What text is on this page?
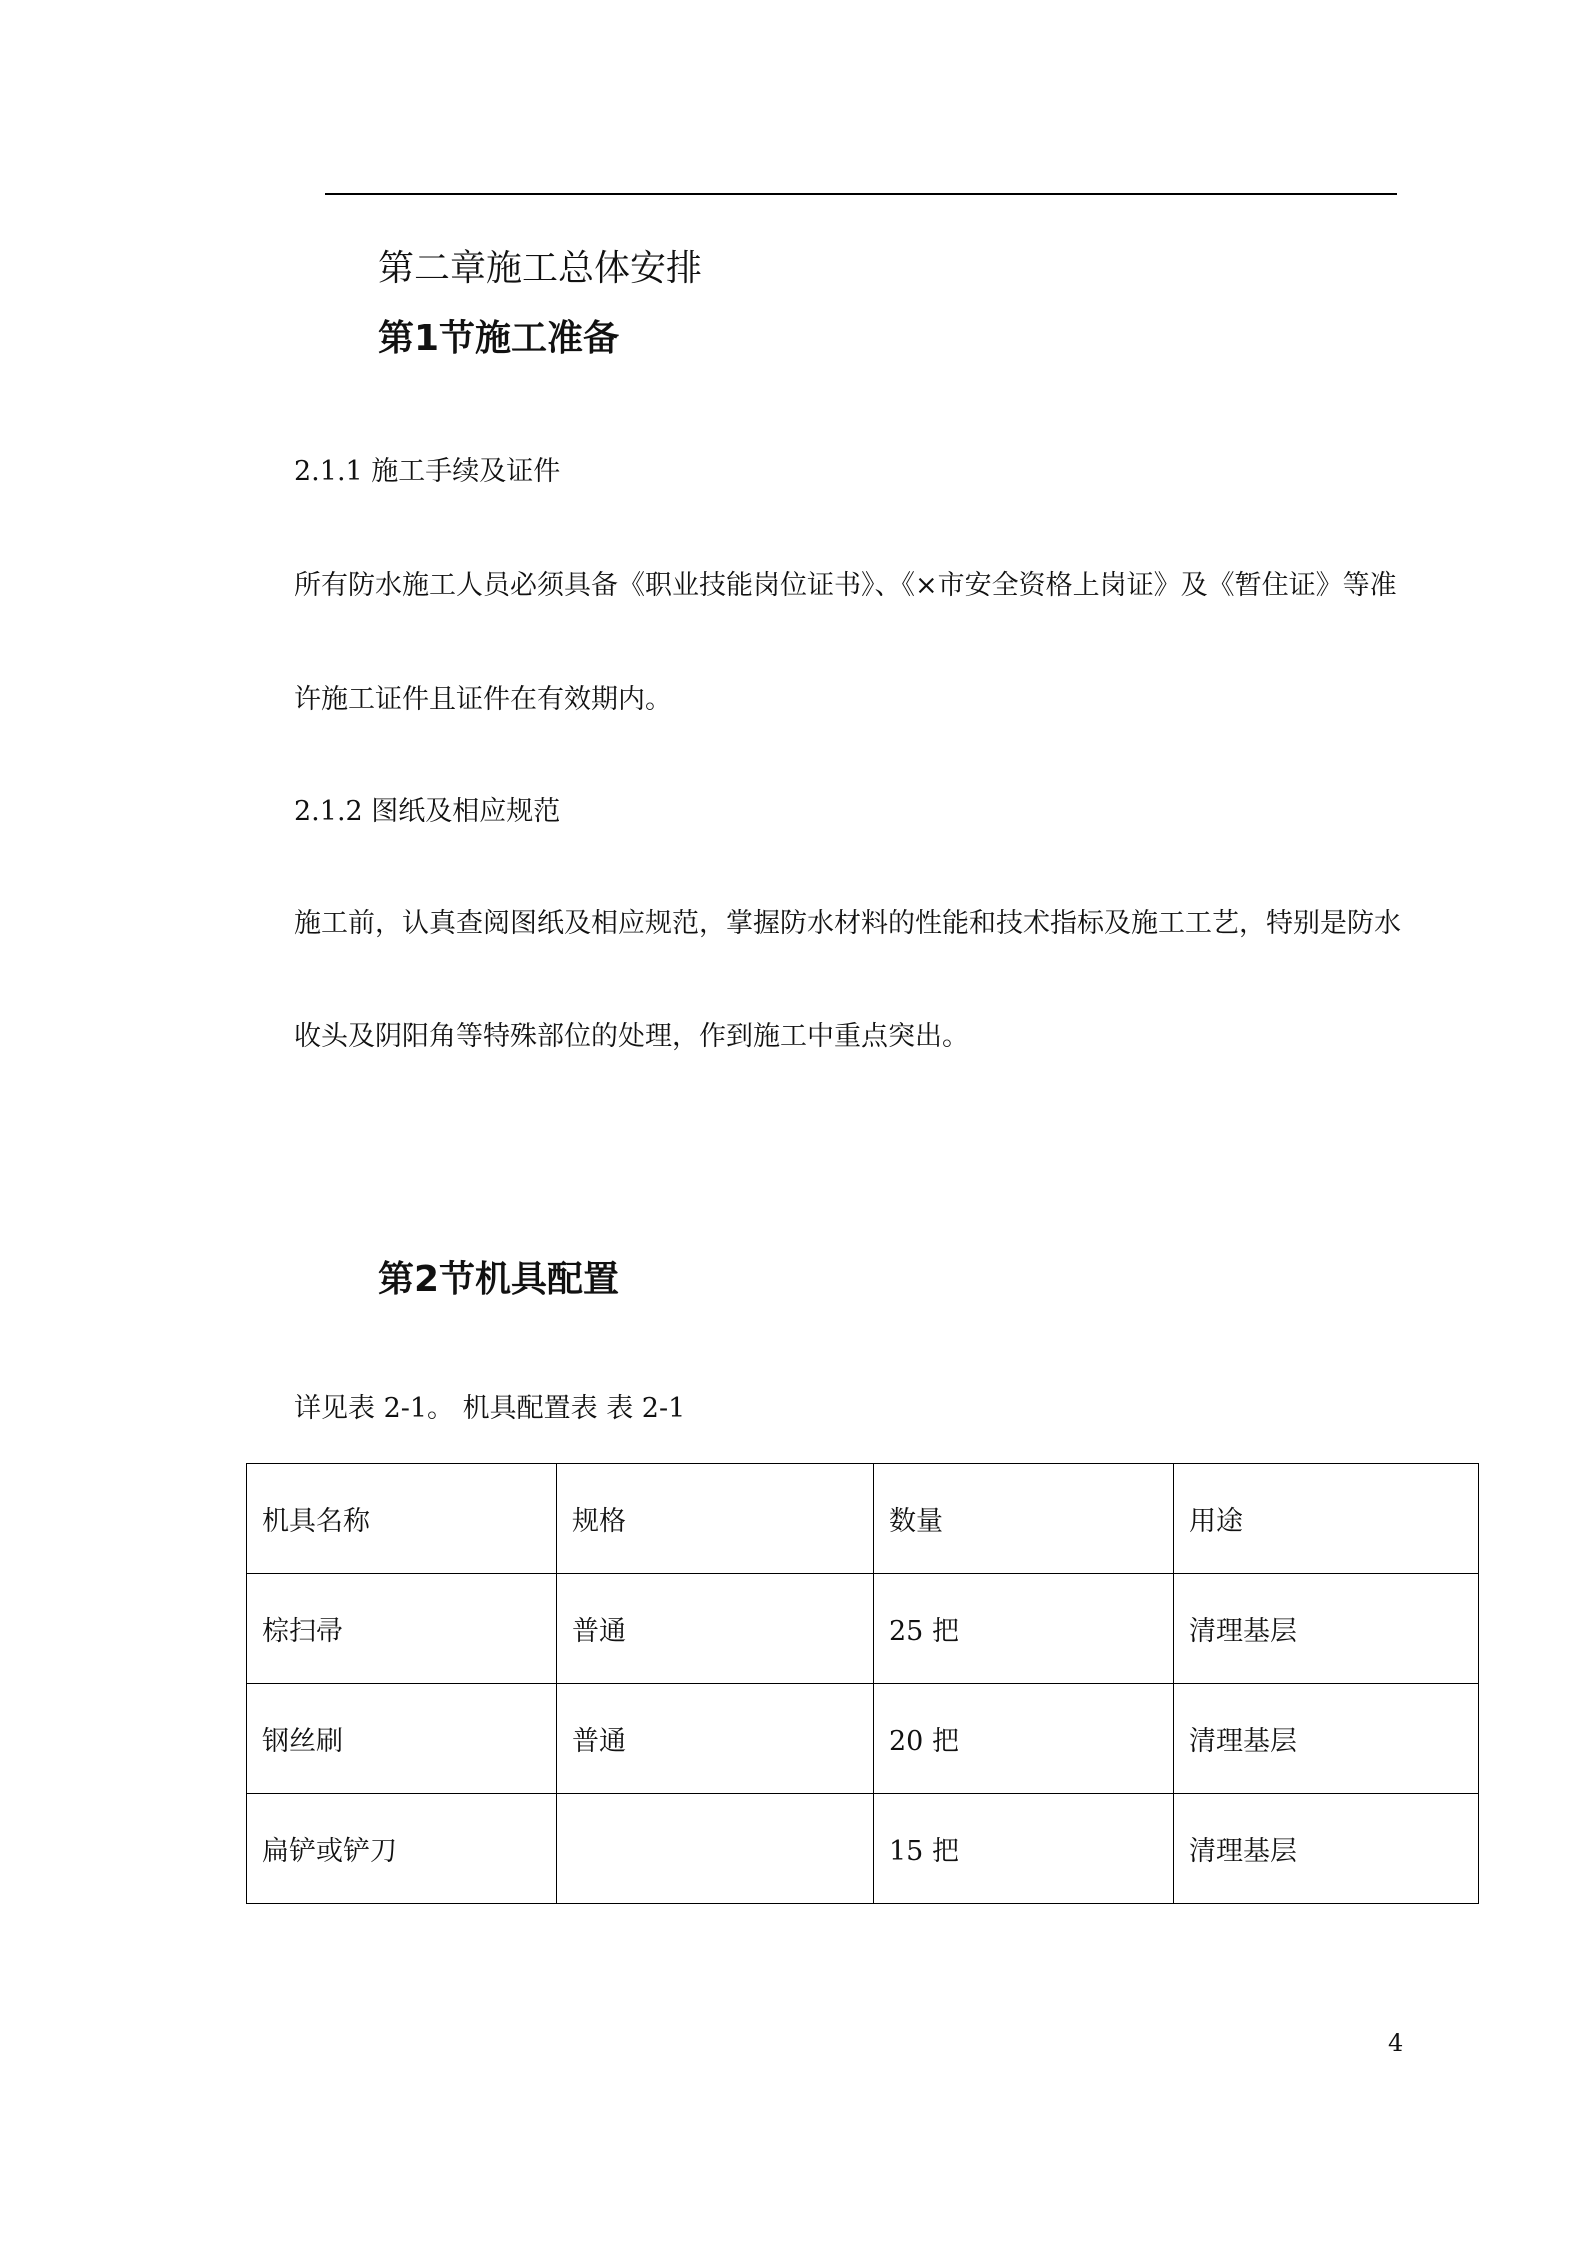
第二章施工总体安排
第1节施工准备
2.1.1 施工手续及证件
所有防水施工人员必须具备《职业技能岗位证书》、《×市安全资格上岗证》及《暂住证》等准
许施工证件且证件在有效期内。
2.1.2 图纸及相应规范
施工前，认真查阅图纸及相应规范，掌握防水材料的性能和技术指标及施工工艺，特别是防水
收头及阴阳角等特殊部位的处理，作到施工中重点突出。
第2节机具配置
详见表 2-1。 机具配置表 表 2-1
机具名称	规格	数量	用途
棕扫帚	普通	25 把	清理基层
钢丝刷	普通	20 把	清理基层
扁铲或铲刀		15 把	清理基层
4
